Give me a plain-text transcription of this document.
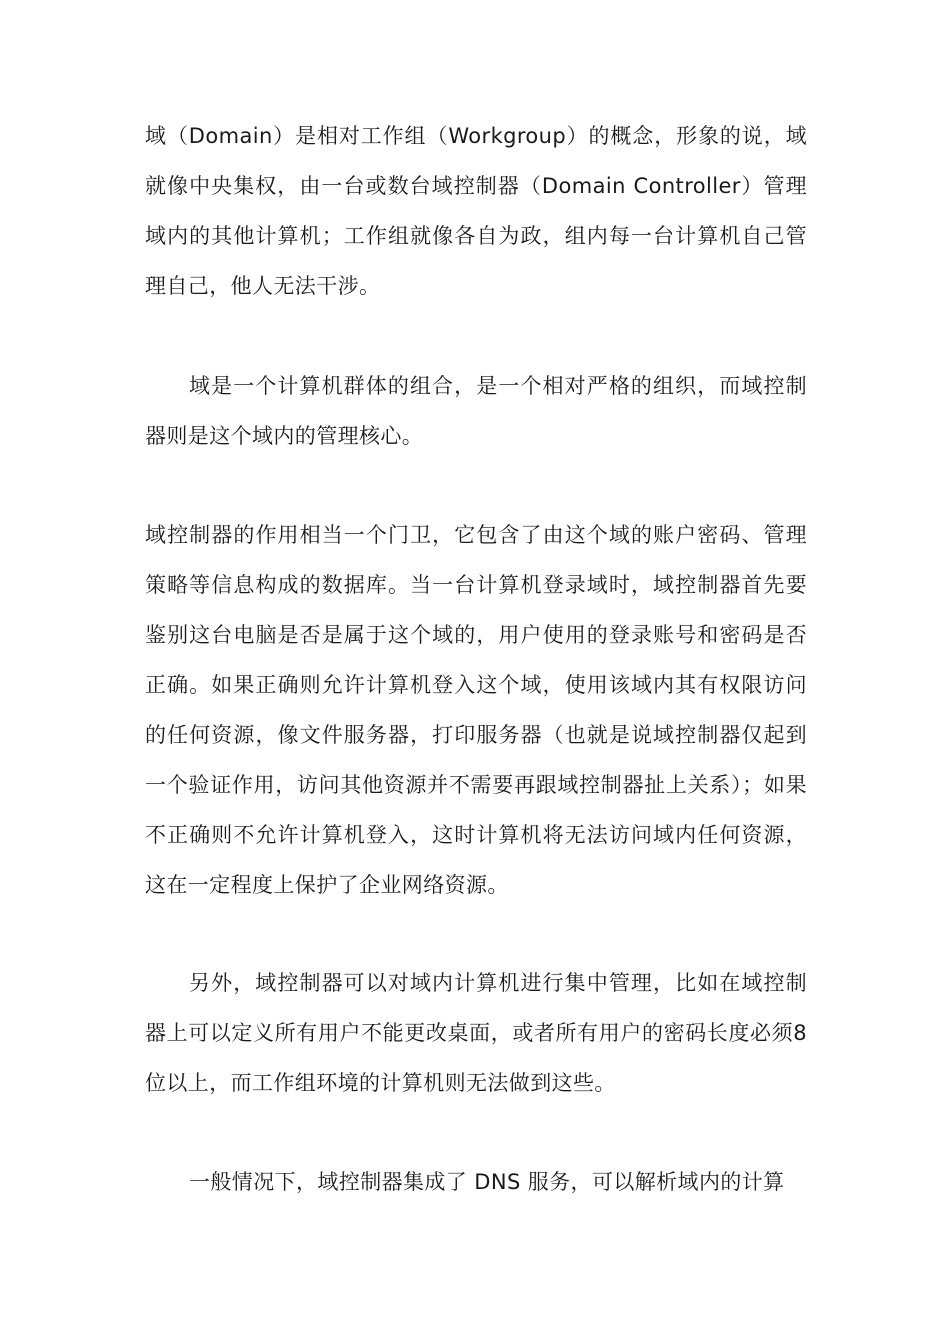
域（Domain）是相对工作组（Workgroup）的概念，形象的说，域就像中央集权，由一台或数台域控制器（Domain Controller）管理域内的其他计算机；工作组就像各自为政，组内每一台计算机自己管理自己，他人无法干涉。

域是一个计算机群体的组合，是一个相对严格的组织，而域控制器则是这个域内的管理核心。

域控制器的作用相当一个门卫，它包含了由这个域的账户密码、管理策略等信息构成的数据库。当一台计算机登录域时，域控制器首先要鉴别这台电脑是否是属于这个域的，用户使用的登录账号和密码是否正确。如果正确则允许计算机登入这个域，使用该域内其有权限访问的任何资源，像文件服务器，打印服务器（也就是说域控制器仅起到一个验证作用，访问其他资源并不需要再跟域控制器扯上关系）；如果不正确则不允许计算机登入，这时计算机将无法访问域内任何资源，这在一定程度上保护了企业网络资源。

另外，域控制器可以对域内计算机进行集中管理，比如在域控制器上可以定义所有用户不能更改桌面，或者所有用户的密码长度必须8位以上，而工作组环境的计算机则无法做到这些。

一般情况下，域控制器集成了 DNS 服务，可以解析域内的计算
